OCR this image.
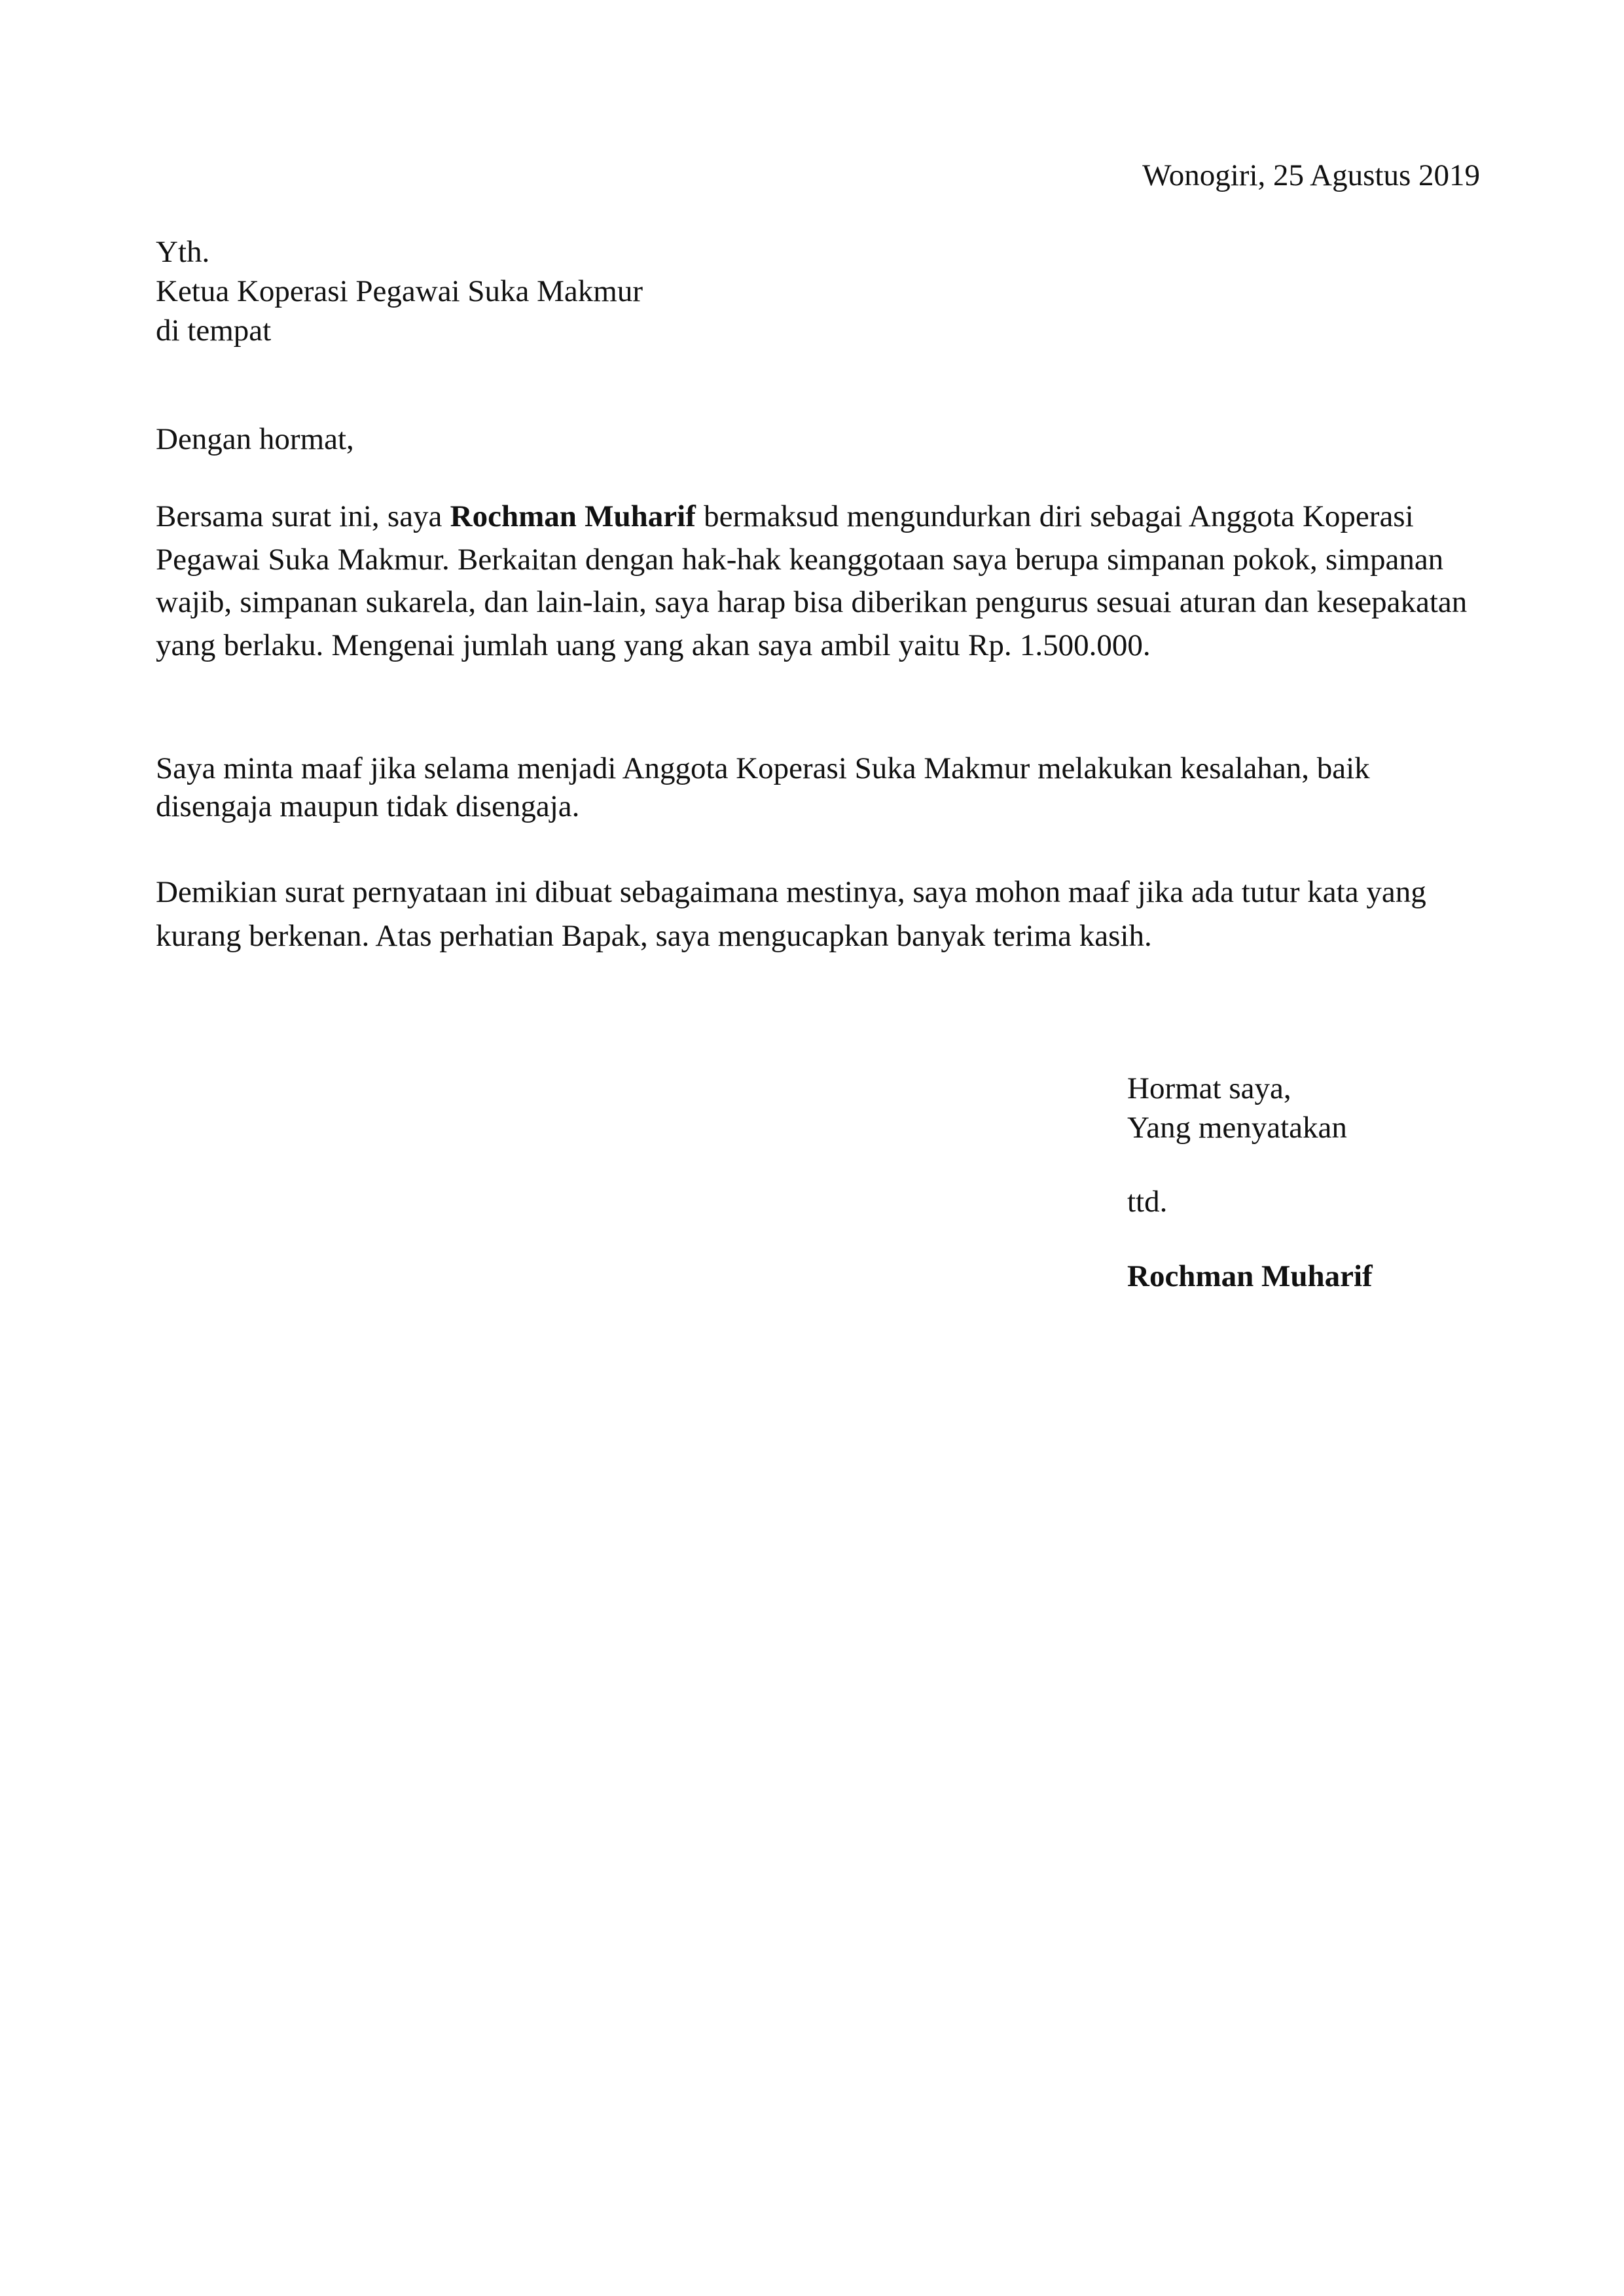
Wonogiri, 25 Agustus 2019
Yth.
Ketua Koperasi Pegawai Suka Makmur
di tempat
Dengan hormat,

Bersama surat ini, saya Rochman Muharif bermaksud mengundurkan diri sebagai Anggota Koperasi Pegawai Suka Makmur. Berkaitan dengan hak-hak keanggotaan saya berupa simpanan pokok, simpanan wajib, simpanan sukarela, dan lain-lain, saya harap bisa diberikan pengurus sesuai aturan dan kesepakatan yang berlaku. Mengenai jumlah uang yang akan saya ambil yaitu Rp. 1.500.000.

Saya minta maaf jika selama menjadi Anggota Koperasi Suka Makmur melakukan kesalahan, baik disengaja maupun tidak disengaja.

Demikian surat pernyataan ini dibuat sebagaimana mestinya, saya mohon maaf jika ada tutur kata yang kurang berkenan. Atas perhatian Bapak, saya mengucapkan banyak terima kasih.

Hormat saya,
Yang menyatakan
ttd.
Rochman Muharif
